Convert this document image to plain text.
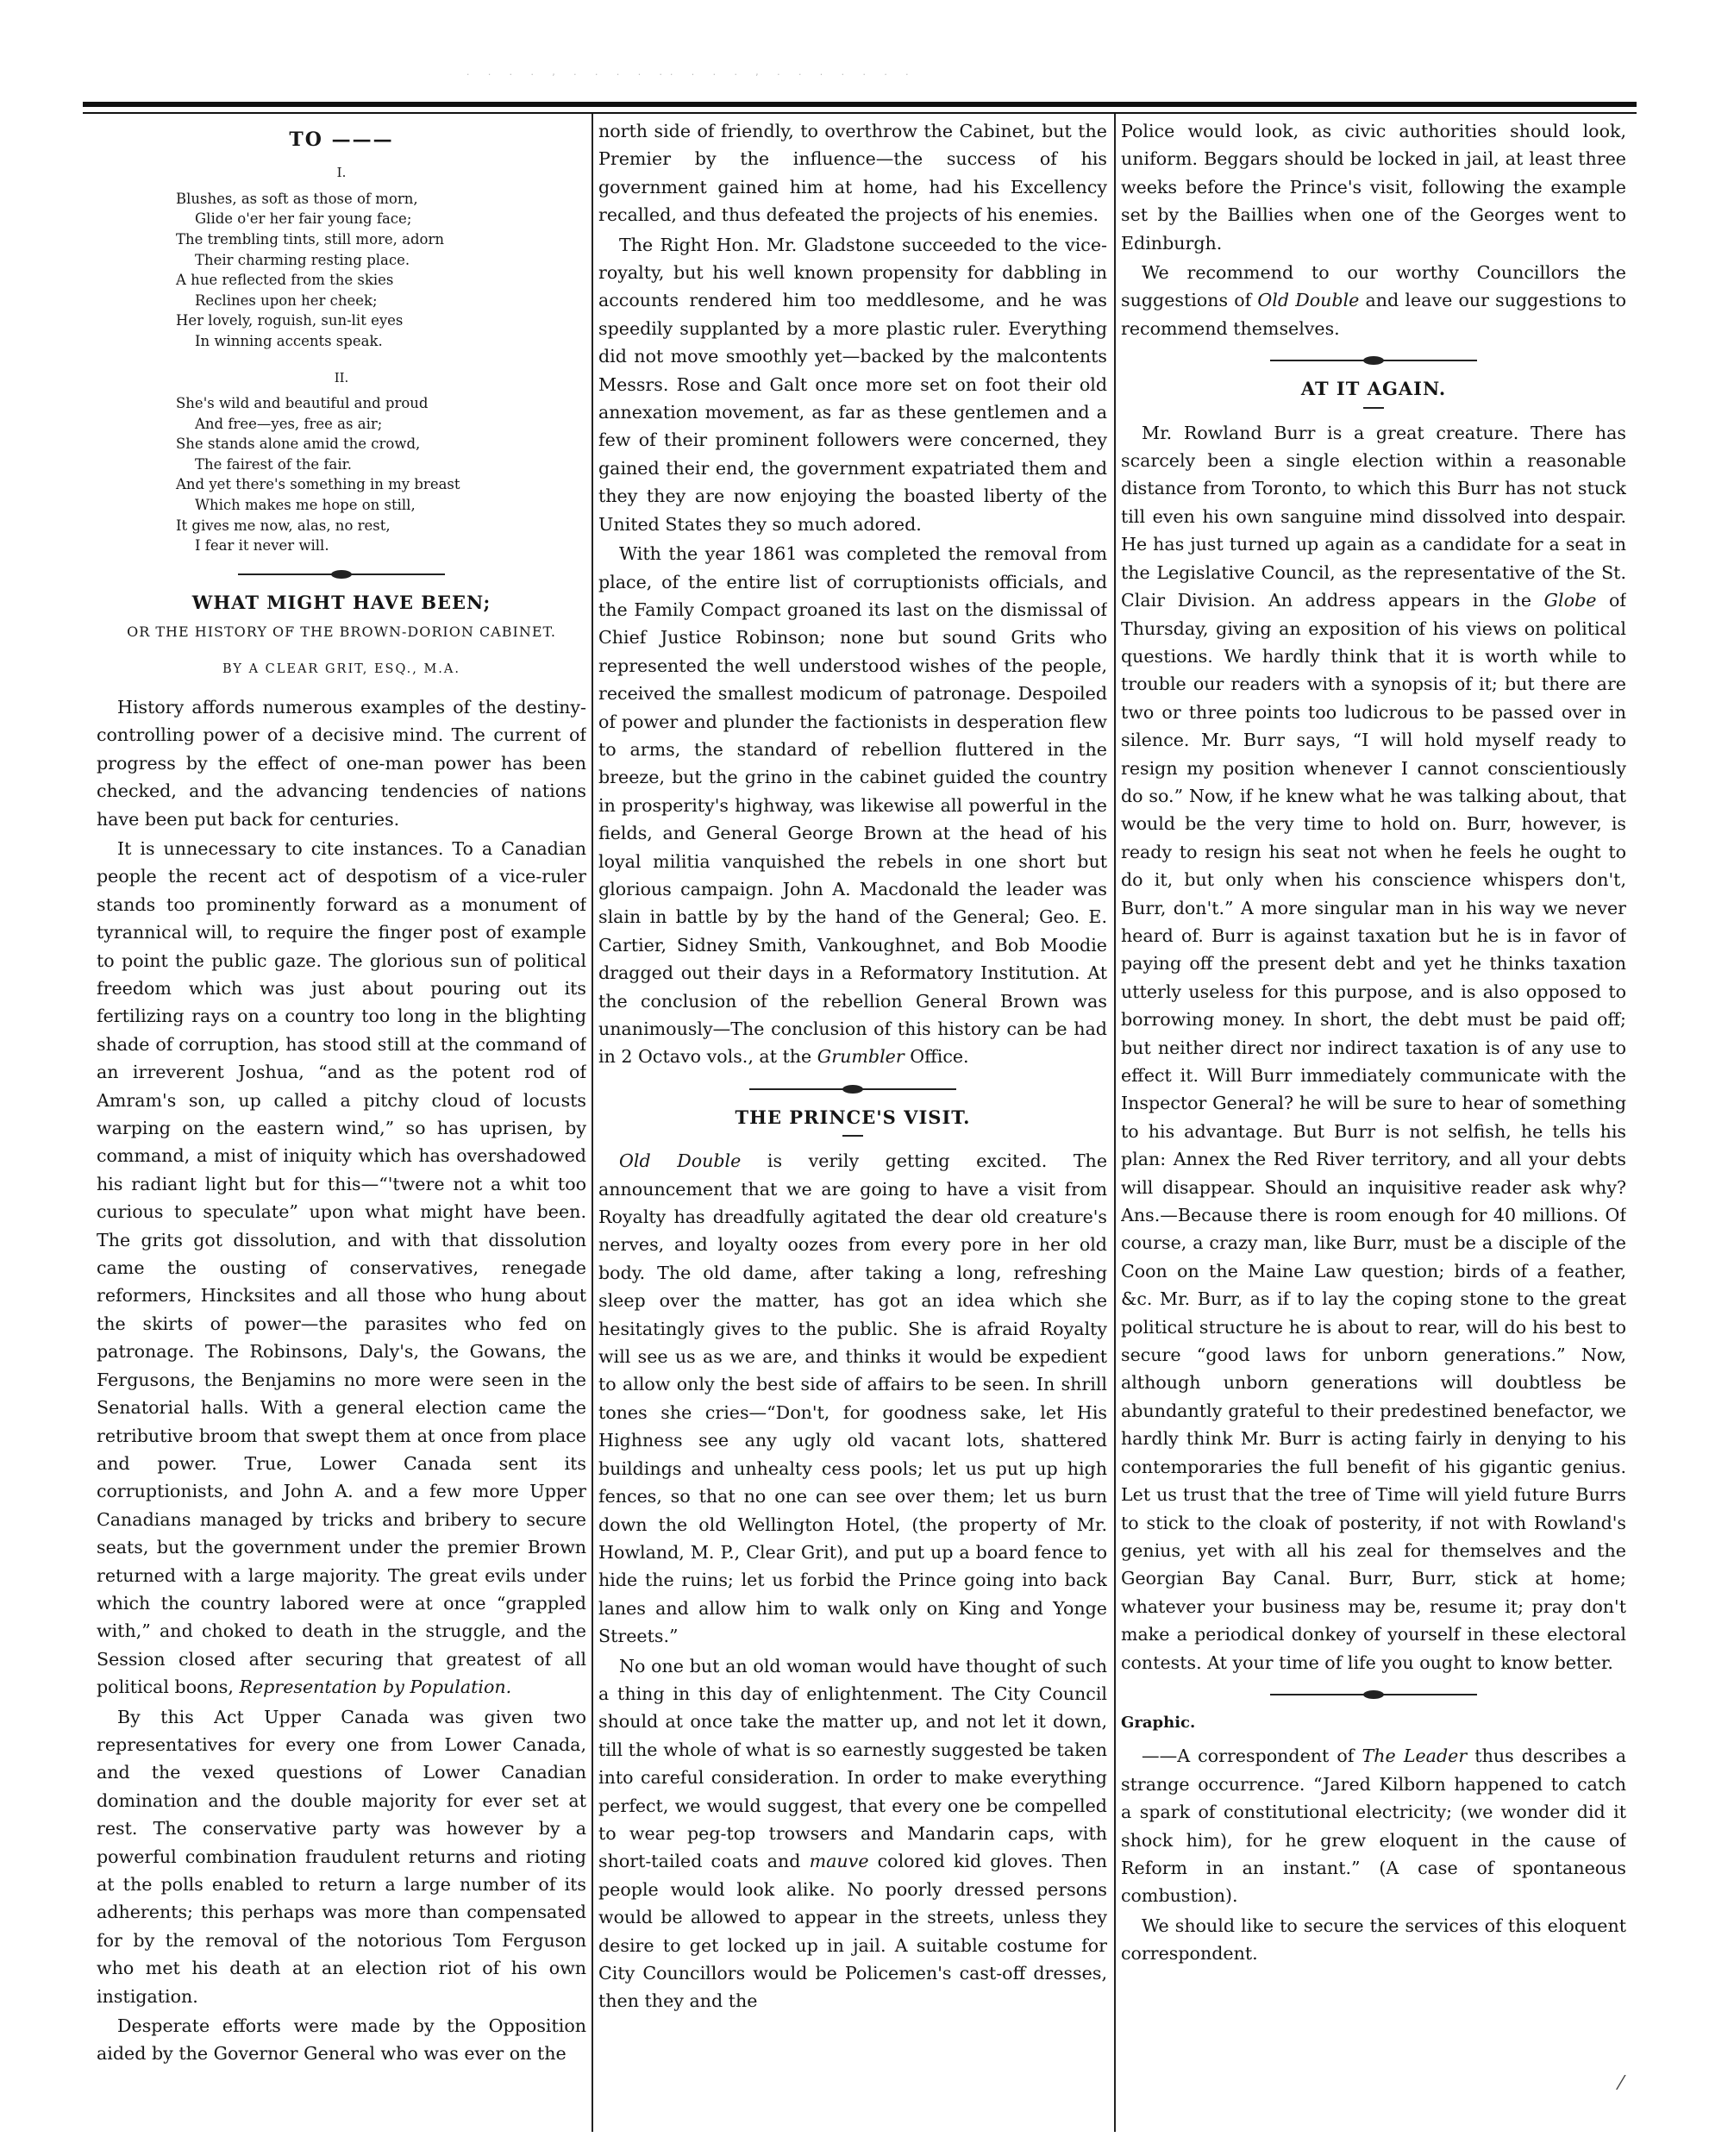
. . . . , . . . . .. . . . , . . . . . . .
TO ———
I.
Blushes, as soft as those of morn,
Glide o'er her fair young face;
The trembling tints, still more, adorn
Their charming resting place.
A hue reflected from the skies
Reclines upon her cheek;
Her lovely, roguish, sun-lit eyes
In winning accents speak.
II.
She's wild and beautiful and proud
And free—yes, free as air;
She stands alone amid the crowd,
The fairest of the fair.
And yet there's something in my breast
Which makes me hope on still,
It gives me now, alas, no rest,
I fear it never will.
WHAT MIGHT HAVE BEEN;
OR THE HISTORY OF THE BROWN-DORION CABINET.
BY A CLEAR GRIT, ESQ., M.A.

History affords numerous examples of the destiny-controlling power of a decisive mind. The current of progress by the effect of one-man power has been checked, and the advancing tendencies of nations have been put back for centuries.

It is unnecessary to cite instances. To a Canadian people the recent act of despotism of a vice-ruler stands too prominently forward as a monument of tyrannical will, to require the finger post of example to point the public gaze. The glorious sun of political freedom which was just about pouring out its fertilizing rays on a country too long in the blighting shade of corruption, has stood still at the command of an irreverent Joshua, “and as the potent rod of Amram's son, up called a pitchy cloud of locusts warping on the eastern wind,” so has uprisen, by command, a mist of iniquity which has overshadowed his radiant light but for this—“'twere not a whit too curious to speculate” upon what might have been. The grits got dissolution, and with that dissolution came the ousting of conservatives, renegade reformers, Hincksites and all those who hung about the skirts of power—the parasites who fed on patronage. The Robinsons, Daly's, the Gowans, the Fergusons, the Benjamins no more were seen in the Senatorial halls. With a general election came the retributive broom that swept them at once from place and power. True, Lower Canada sent its corruptionists, and John A. and a few more Upper Canadians managed by tricks and bribery to secure seats, but the government under the premier Brown returned with a large majority. The great evils under which the country labored were at once “grappled with,” and choked to death in the struggle, and the Session closed after securing that greatest of all political boons, Representation by Population.

By this Act Upper Canada was given two representatives for every one from Lower Canada, and the vexed questions of Lower Canadian domination and the double majority for ever set at rest. The conservative party was however by a powerful combination fraudulent returns and rioting at the polls enabled to return a large number of its adherents; this perhaps was more than compensated for by the removal of the notorious Tom Ferguson who met his death at an election riot of his own instigation.

Desperate efforts were made by the Opposition aided by the Governor General who was ever on the

north side of friendly, to overthrow the Cabinet, but the Premier by the influence—the success of his government gained him at home, had his Excellency recalled, and thus defeated the projects of his enemies.

The Right Hon. Mr. Gladstone succeeded to the vice-royalty, but his well known propensity for dabbling in accounts rendered him too meddlesome, and he was speedily supplanted by a more plastic ruler. Everything did not move smoothly yet—backed by the malcontents Messrs. Rose and Galt once more set on foot their old annexation movement, as far as these gentlemen and a few of their prominent followers were concerned, they gained their end, the government expatriated them and they they are now enjoying the boasted liberty of the United States they so much adored.

With the year 1861 was completed the removal from place, of the entire list of corruptionists officials, and the Family Compact groaned its last on the dismissal of Chief Justice Robinson; none but sound Grits who represented the well understood wishes of the people, received the smallest modicum of patronage. Despoiled of power and plunder the factionists in desperation flew to arms, the standard of rebellion fluttered in the breeze, but the grino in the cabinet guided the country in prosperity's highway, was likewise all powerful in the fields, and General George Brown at the head of his loyal militia vanquished the rebels in one short but glorious campaign. John A. Macdonald the leader was slain in battle by by the hand of the General; Geo. E. Cartier, Sidney Smith, Vankoughnet, and Bob Moodie dragged out their days in a Reformatory Institution. At the conclusion of the rebellion General Brown was unanimously—The conclusion of this history can be had in 2 Octavo vols., at the Grumbler Office.

THE PRINCE'S VISIT.

Old Double is verily getting excited. The announcement that we are going to have a visit from Royalty has dreadfully agitated the dear old creature's nerves, and loyalty oozes from every pore in her old body. The old dame, after taking a long, refreshing sleep over the matter, has got an idea which she hesitatingly gives to the public. She is afraid Royalty will see us as we are, and thinks it would be expedient to allow only the best side of affairs to be seen. In shrill tones she cries—“Don't, for goodness sake, let His Highness see any ugly old vacant lots, shattered buildings and unhealty cess pools; let us put up high fences, so that no one can see over them; let us burn down the old Wellington Hotel, (the property of Mr. Howland, M. P., Clear Grit), and put up a board fence to hide the ruins; let us forbid the Prince going into back lanes and allow him to walk only on King and Yonge Streets.”

No one but an old woman would have thought of such a thing in this day of enlightenment. The City Council should at once take the matter up, and not let it down, till the whole of what is so earnestly suggested be taken into careful consideration. In order to make everything perfect, we would suggest, that every one be compelled to wear peg-top trowsers and Mandarin caps, with short-tailed coats and mauve colored kid gloves. Then people would look alike. No poorly dressed persons would be allowed to appear in the streets, unless they desire to get locked up in jail. A suitable costume for City Councillors would be Policemen's cast-off dresses, then they and the

Police would look, as civic authorities should look, uniform. Beggars should be locked in jail, at least three weeks before the Prince's visit, following the example set by the Baillies when one of the Georges went to Edinburgh.

We recommend to our worthy Councillors the suggestions of Old Double and leave our suggestions to recommend themselves.

AT IT AGAIN.

Mr. Rowland Burr is a great creature. There has scarcely been a single election within a reasonable distance from Toronto, to which this Burr has not stuck till even his own sanguine mind dissolved into despair. He has just turned up again as a candidate for a seat in the Legislative Council, as the representative of the St. Clair Division. An address appears in the Globe of Thursday, giving an exposition of his views on political questions. We hardly think that it is worth while to trouble our readers with a synopsis of it; but there are two or three points too ludicrous to be passed over in silence. Mr. Burr says, “I will hold myself ready to resign my position whenever I cannot conscientiously do so.” Now, if he knew what he was talking about, that would be the very time to hold on. Burr, however, is ready to resign his seat not when he feels he ought to do it, but only when his conscience whispers don't, Burr, don't.” A more singular man in his way we never heard of. Burr is against taxation but he is in favor of paying off the present debt and yet he thinks taxation utterly useless for this purpose, and is also opposed to borrowing money. In short, the debt must be paid off; but neither direct nor indirect taxation is of any use to effect it. Will Burr immediately communicate with the Inspector General? he will be sure to hear of something to his advantage. But Burr is not selfish, he tells his plan: Annex the Red River territory, and all your debts will disappear. Should an inquisitive reader ask why? Ans.—Because there is room enough for 40 millions. Of course, a crazy man, like Burr, must be a disciple of the Coon on the Maine Law question; birds of a feather, &c. Mr. Burr, as if to lay the coping stone to the great political structure he is about to rear, will do his best to secure “good laws for unborn generations.” Now, although unborn generations will doubtless be abundantly grateful to their predestined benefactor, we hardly think Mr. Burr is acting fairly in denying to his contemporaries the full benefit of his gigantic genius. Let us trust that the tree of Time will yield future Burrs to stick to the cloak of posterity, if not with Rowland's genius, yet with all his zeal for themselves and the Georgian Bay Canal. Burr, Burr, stick at home; whatever your business may be, resume it; pray don't make a periodical donkey of yourself in these electoral contests. At your time of life you ought to know better.

Graphic.

——A correspondent of The Leader thus describes a strange occurrence. “Jared Kilborn happened to catch a spark of constitutional electricity; (we wonder did it shock him), for he grew eloquent in the cause of Reform in an instant.” (A case of spontaneous combustion).

We should like to secure the services of this eloquent correspondent.

⁄
